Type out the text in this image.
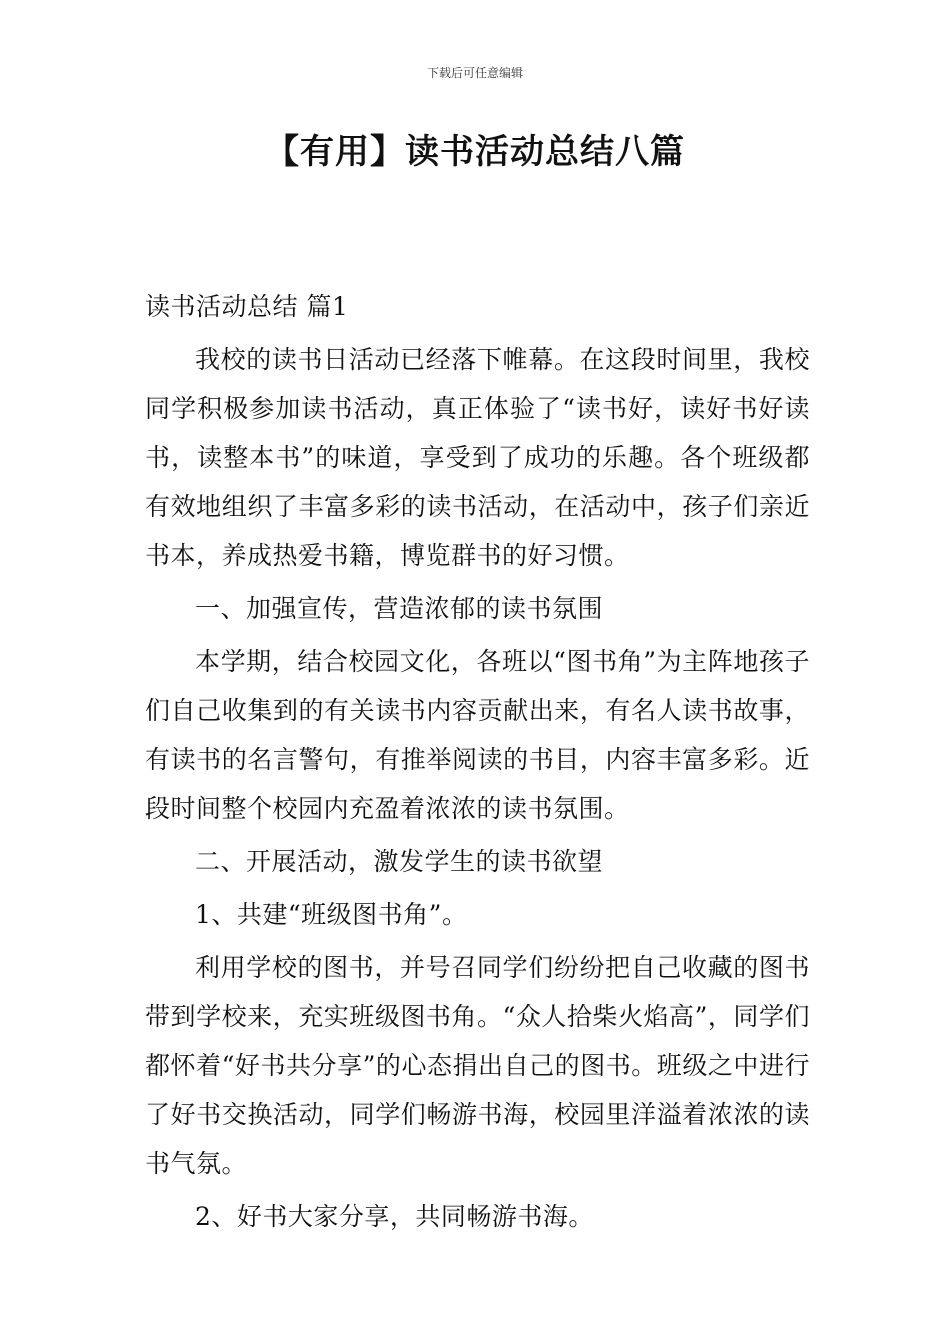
下载后可任意编辑
【有用】读书活动总结八篇

读书活动总结 篇1

我校的读书日活动已经落下帷幕。在这段时间里，我校同学积极参加读书活动，真正体验了“读书好，读好书好读书，读整本书”的味道，享受到了成功的乐趣。各个班级都有效地组织了丰富多彩的读书活动，在活动中，孩子们亲近书本，养成热爱书籍，博览群书的好习惯。

一、加强宣传，营造浓郁的读书氛围

本学期，结合校园文化，各班以“图书角”为主阵地孩子们自己收集到的有关读书内容贡献出来，有名人读书故事，有读书的名言警句，有推举阅读的书目，内容丰富多彩。近段时间整个校园内充盈着浓浓的读书氛围。

二、开展活动，激发学生的读书欲望

1、共建“班级图书角”。

利用学校的图书，并号召同学们纷纷把自己收藏的图书带到学校来，充实班级图书角。“众人拾柴火焰高”，同学们都怀着“好书共分享”的心态捐出自己的图书。班级之中进行了好书交换活动，同学们畅游书海，校园里洋溢着浓浓的读书气氛。

2、好书大家分享，共同畅游书海。
